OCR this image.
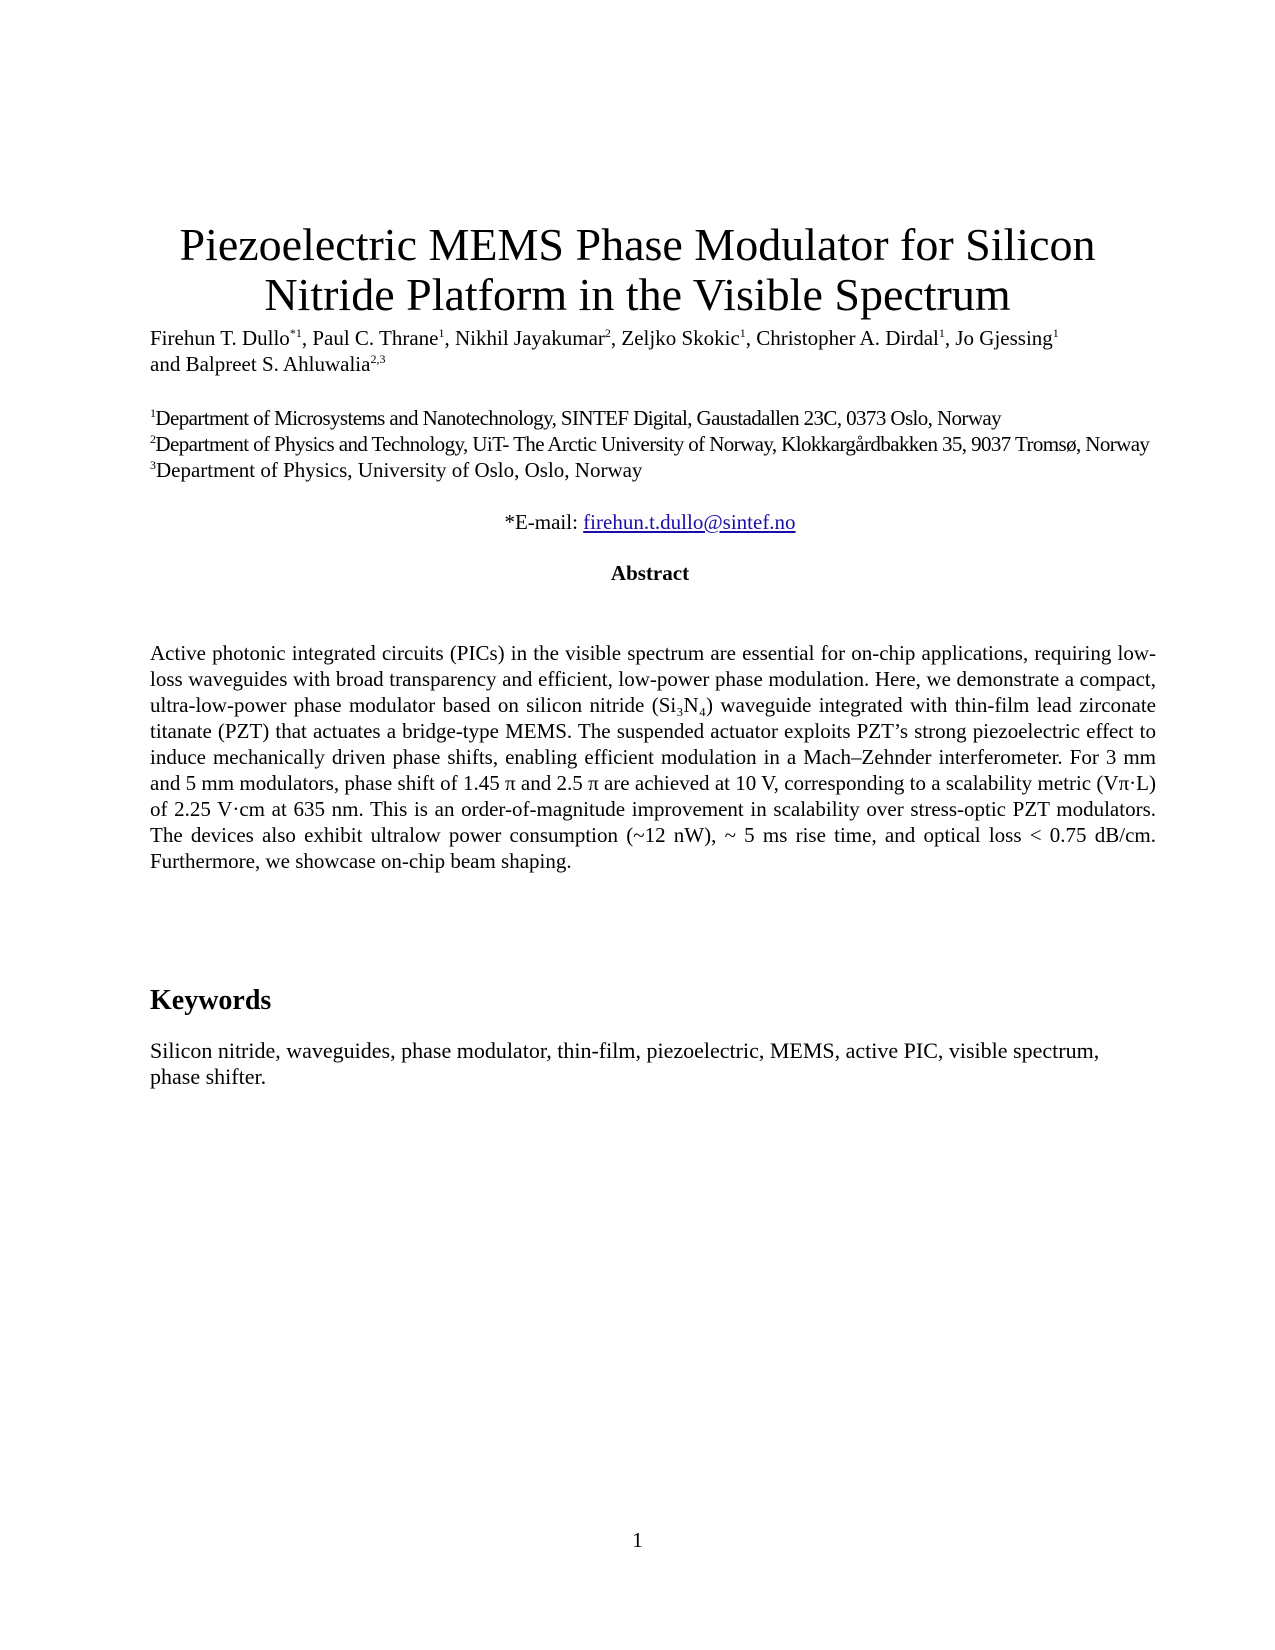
Piezoelectric MEMS Phase Modulator for Silicon
Nitride Platform in the Visible Spectrum

Firehun T. Dullo$^{*1}$, Paul C. Thrane$^1$, Nikhil Jayakumar$^2$, Zeljko Skokic$^1$, Christopher A. Dirdal$^1$, Jo Gjessing$^1$
and Balpreet S. Ahluwalia$^{2,3}$

$^1$Department of Microsystems and Nanotechnology, SINTEF Digital, Gaustadallen 23C, 0373 Oslo, Norway
$^2$Department of Physics and Technology, UiT- The Arctic University of Norway, Klokkargårdbakken 35, 9037 Tromsø, Norway
$^3$Department of Physics, University of Oslo, Oslo, Norway
*E-mail: firehun.t.dullo@sintef.no
Abstract

Active photonic integrated circuits (PICs) in the visible spectrum are essential for on-chip applications, requiring low-loss waveguides with broad transparency and efficient, low-power phase modulation. Here, we demonstrate a compact, ultra-low-power phase modulator based on silicon nitride (Si₃N₄) waveguide integrated with thin-film lead zirconate titanate (PZT) that actuates a bridge-type MEMS. The suspended actuator exploits PZT’s strong piezoelectric effect to induce mechanically driven phase shifts, enabling efficient modulation in a Mach–Zehnder interferometer. For 3 mm and 5 mm modulators, phase shift of 1.45 π and 2.5 π are achieved at 10 V, corresponding to a scalability metric (Vπ·L) of 2.25 V·cm at 635 nm. This is an order-of-magnitude improvement in scalability over stress-optic PZT modulators. The devices also exhibit ultralow power consumption (~12 nW), ~ 5 ms rise time, and optical loss < 0.75 dB/cm. Furthermore, we showcase on-chip beam shaping.

Keywords

Silicon nitride, waveguides, phase modulator, thin-film, piezoelectric, MEMS, active PIC, visible spectrum, phase shifter.

1
